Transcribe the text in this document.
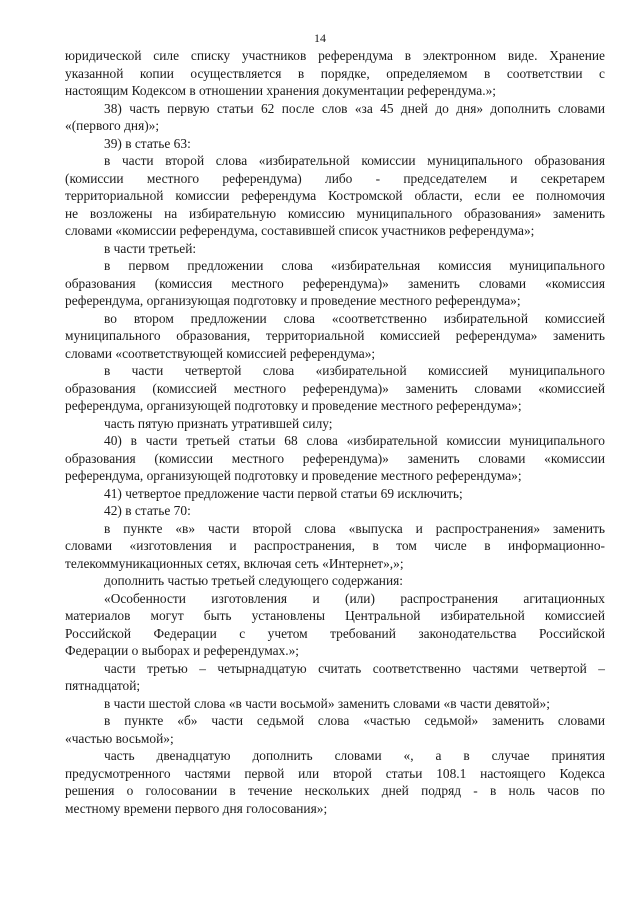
14
юридической силе списку участников референдума в электронном виде. Хранение
указанной копии осуществляется в порядке, определяемом в соответствии с
настоящим Кодексом в отношении хранения документации референдума.»;
38) часть первую статьи 62 после слов «за 45 дней до дня» дополнить словами
«(первого дня)»;
39) в статье 63:
в части второй слова «избирательной комиссии муниципального образования
(комиссии местного референдума) либо - председателем и секретарем
территориальной комиссии референдума Костромской области, если ее полномочия
не возложены на избирательную комиссию муниципального образования» заменить
словами «комиссии референдума, составившей список участников референдума»;
в части третьей:
в первом предложении слова «избирательная комиссия муниципального
образования (комиссия местного референдума)» заменить словами «комиссия
референдума, организующая подготовку и проведение местного референдума»;
во втором предложении слова «соответственно избирательной комиссией
муниципального образования, территориальной комиссией референдума» заменить
словами «соответствующей комиссией референдума»;
в части четвертой слова «избирательной комиссией муниципального
образования (комиссией местного референдума)» заменить словами «комиссией
референдума, организующей подготовку и проведение местного референдума»;
часть пятую признать утратившей силу;
40) в части третьей статьи 68 слова «избирательной комиссии муниципального
образования (комиссии местного референдума)» заменить словами «комиссии
референдума, организующей подготовку и проведение местного референдума»;
41) четвертое предложение части первой статьи 69 исключить;
42) в статье 70:
в пункте «в» части второй слова «выпуска и распространения» заменить
словами «изготовления и распространения, в том числе в информационно-
телекоммуникационных сетях, включая сеть «Интернет»,»;
дополнить частью третьей следующего содержания:
«Особенности изготовления и (или) распространения агитационных
материалов могут быть установлены Центральной избирательной комиссией
Российской Федерации с учетом требований законодательства Российской
Федерации о выборах и референдумах.»;
части третью – четырнадцатую считать соответственно частями четвертой –
пятнадцатой;
в части шестой слова «в части восьмой» заменить словами «в части девятой»;
в пункте «б» части седьмой слова «частью седьмой» заменить словами
«частью восьмой»;
часть двенадцатую дополнить словами «, а в случае принятия
предусмотренного частями первой или второй статьи 108.1 настоящего Кодекса
решения о голосовании в течение нескольких дней подряд - в ноль часов по
местному времени первого дня голосования»;
